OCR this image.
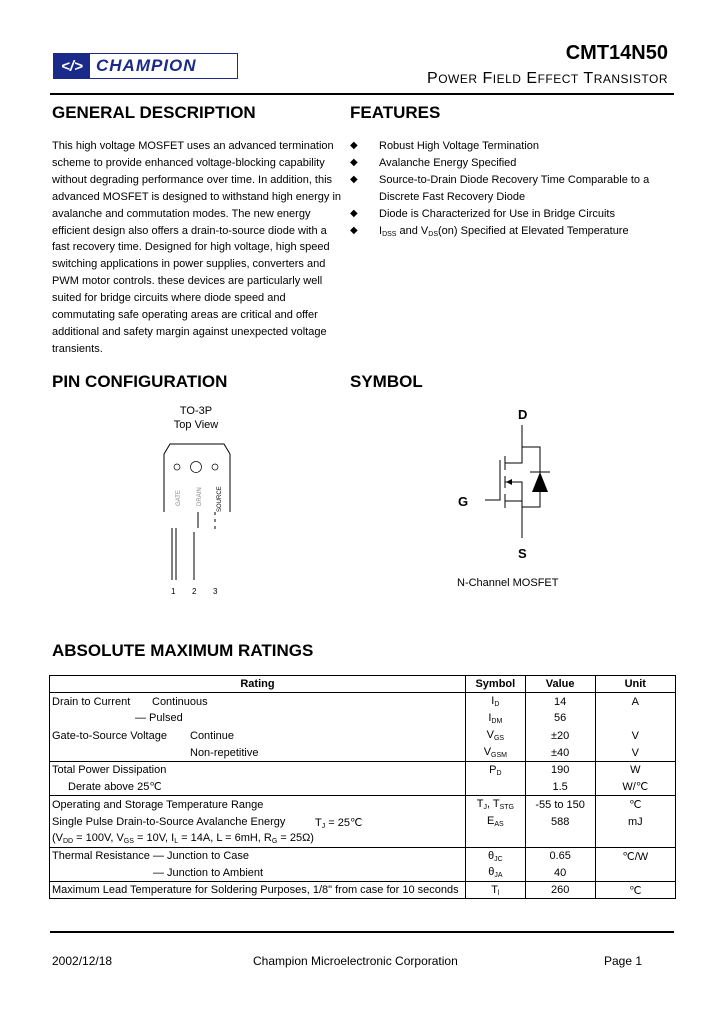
</> CHAMPION
CMT14N50
POWER FIELD EFFECT TRANSISTOR
GENERAL DESCRIPTION
This high voltage MOSFET uses an advanced termination
scheme to provide enhanced voltage-blocking capability
without degrading performance over time. In addition, this
advanced MOSFET is designed to withstand high energy in
avalanche and commutation modes. The new energy
efficient design also offers a drain-to-source diode with a
fast recovery time. Designed for high voltage, high speed
switching applications in power supplies, converters and
PWM motor controls. these devices are particularly well
suited for bridge circuits where diode speed and
commutating safe operating areas are critical and offer
additional and safety margin against unexpected voltage
transients.
FEATURES
◆	Robust High Voltage Termination
◆	Avalanche Energy Specified
◆	Source-to-Drain Diode Recovery Time Comparable to a
Discrete Fast Recovery Diode
◆	Diode is Characterized for Use in Bridge Circuits
◆	$I_{DSS}$ and $V_{DS}(on)$ Specified at Elevated Temperature
PIN CONFIGURATION
TO-3P
Top View
GATE	DRAIN SOURCE
1 2 3
SYMBOL
D
G
S
N-Channel MOSFET
ABSOLUTE MAXIMUM RATINGS
Rating	Symbol	Value	Unit
Drain to Current Continuous	$I_D$	14	A
— Pulsed	$I_{DM}$	56	
Gate-to-Source Voltage Continue	$V_{GS}$	±20	V
Non-repetitive	$V_{GSM}$	±40	V
Total Power Dissipation	$P_D$	190	W
Derate above 25℃		1.5	W/℃
Operating and Storage Temperature Range	$T_J$, $T_{STG}$	-55 to 150	℃
Single Pulse Drain-to-Source Avalanche Energy $T_J$ = 25℃	$E_{AS}$	588	mJ
($V_{DD} = 100V$, $V_{GS} = 10V$, $I_L = 14A$, L = 6mH, $R_G = 25\Omega$)			
Thermal Resistance — Junction to Case	$\theta_{JC}$	0.65	℃/W
— Junction to Ambient	$\theta_{JA}$	40	
Maximum Lead Temperature for Soldering Purposes, 1/8" from case for 10 seconds	$T_l$	260	℃
2002/12/18	Champion Microelectronic Corporation	Page 1
